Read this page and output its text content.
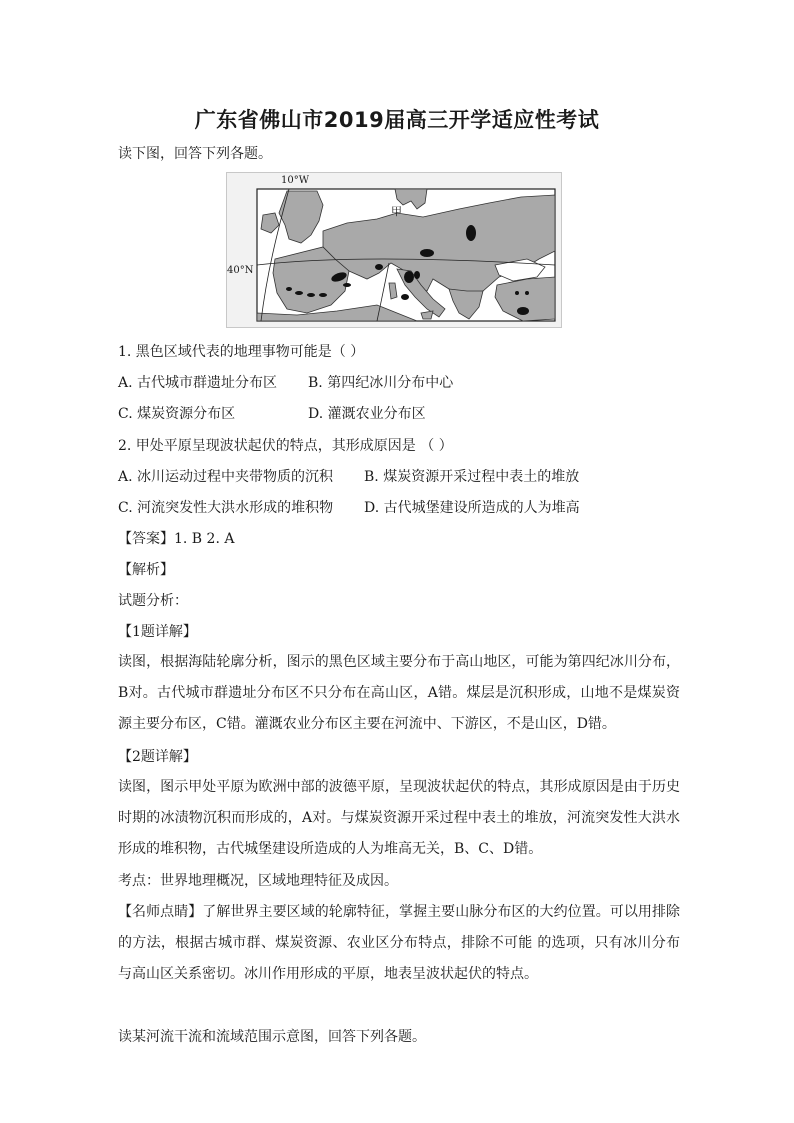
广东省佛山市2019届高三开学适应性考试
读下图，回答下列各题。
10°W
40°N
甲
1. 黑色区域代表的地理事物可能是（ ）
A. 古代城市群遗址分布区 B. 第四纪冰川分布中心
C. 煤炭资源分布区	D. 灌溉农业分布区
2. 甲处平原呈现波状起伏的特点，其形成原因是 （ ）
A. 冰川运动过程中夹带物质的沉积 B. 煤炭资源开采过程中表土的堆放
C. 河流突发性大洪水形成的堆积物 D. 古代城堡建设所造成的人为堆高
【答案】1. B 2. A
【解析】
试题分析：
【1题详解】
读图，根据海陆轮廓分析，图示的黑色区域主要分布于高山地区，可能为第四纪冰川分布，B对。古代城市群遗址分布区不只分布在高山区，A错。煤层是沉积形成，山地不是煤炭资源主要分布区，C错。灌溉农业分布区主要在河流中、下游区，不是山区，D错。
【2题详解】
读图，图示甲处平原为欧洲中部的波德平原，呈现波状起伏的特点，其形成原因是由于历史时期的冰渍物沉积而形成的，A对。与煤炭资源开采过程中表土的堆放，河流突发性大洪水形成的堆积物，古代城堡建设所造成的人为堆高无关，B、C、D错。
考点：世界地理概况，区域地理特征及成因。
【名师点睛】了解世界主要区域的轮廓特征，掌握主要山脉分布区的大约位置。可以用排除的方法，根据古城市群、煤炭资源、农业区分布特点，排除不可能 的选项，只有冰川分布与高山区关系密切。冰川作用形成的平原，地表呈波状起伏的特点。
读某河流干流和流域范围示意图，回答下列各题。
